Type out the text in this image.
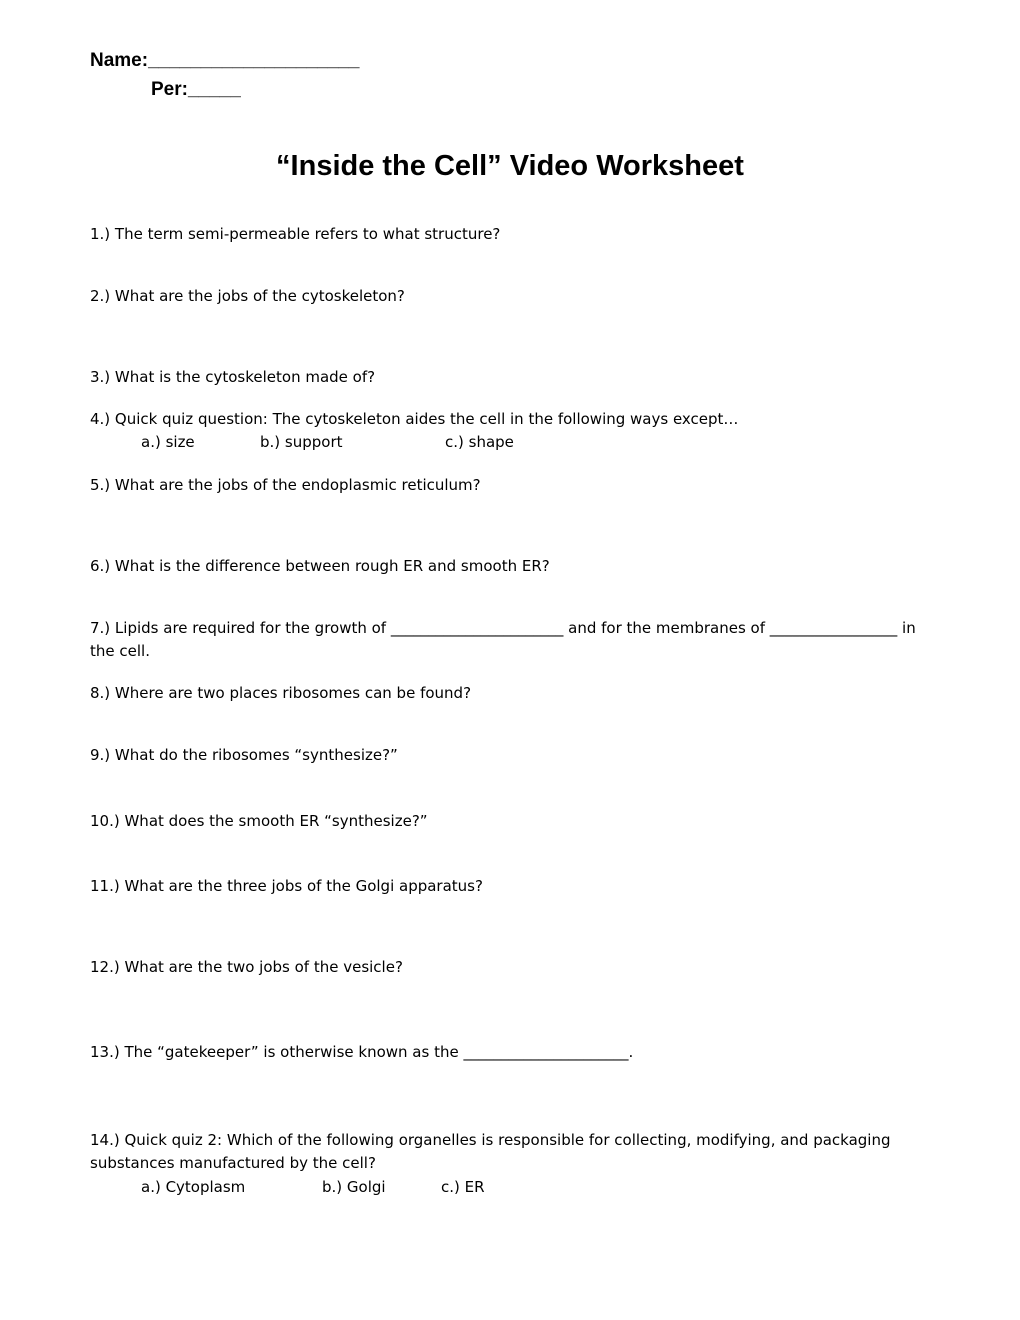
Name:____________________
Per:_____
“Inside the Cell” Video Worksheet
1.) The term semi-permeable refers to what structure?
2.) What are the jobs of the cytoskeleton?
3.) What is the cytoskeleton made of?
4.) Quick quiz question: The cytoskeleton aides the cell in the following ways except…
a.) size	b.) support	c.) shape
5.) What are the jobs of the endoplasmic reticulum?
6.) What is the difference between rough ER and smooth ER?
7.) Lipids are required for the growth of _______________________ and for the membranes of _________________ in the cell.
8.) Where are two places ribosomes can be found?
9.) What do the ribosomes “synthesize?”
10.) What does the smooth ER “synthesize?”
11.) What are the three jobs of the Golgi apparatus?
12.) What are the two jobs of the vesicle?
13.) The “gatekeeper” is otherwise known as the ______________________.
14.) Quick quiz 2: Which of the following organelles is responsible for collecting, modifying, and packaging substances manufactured by the cell?
a.) Cytoplasm	b.) Golgi	c.) ER
